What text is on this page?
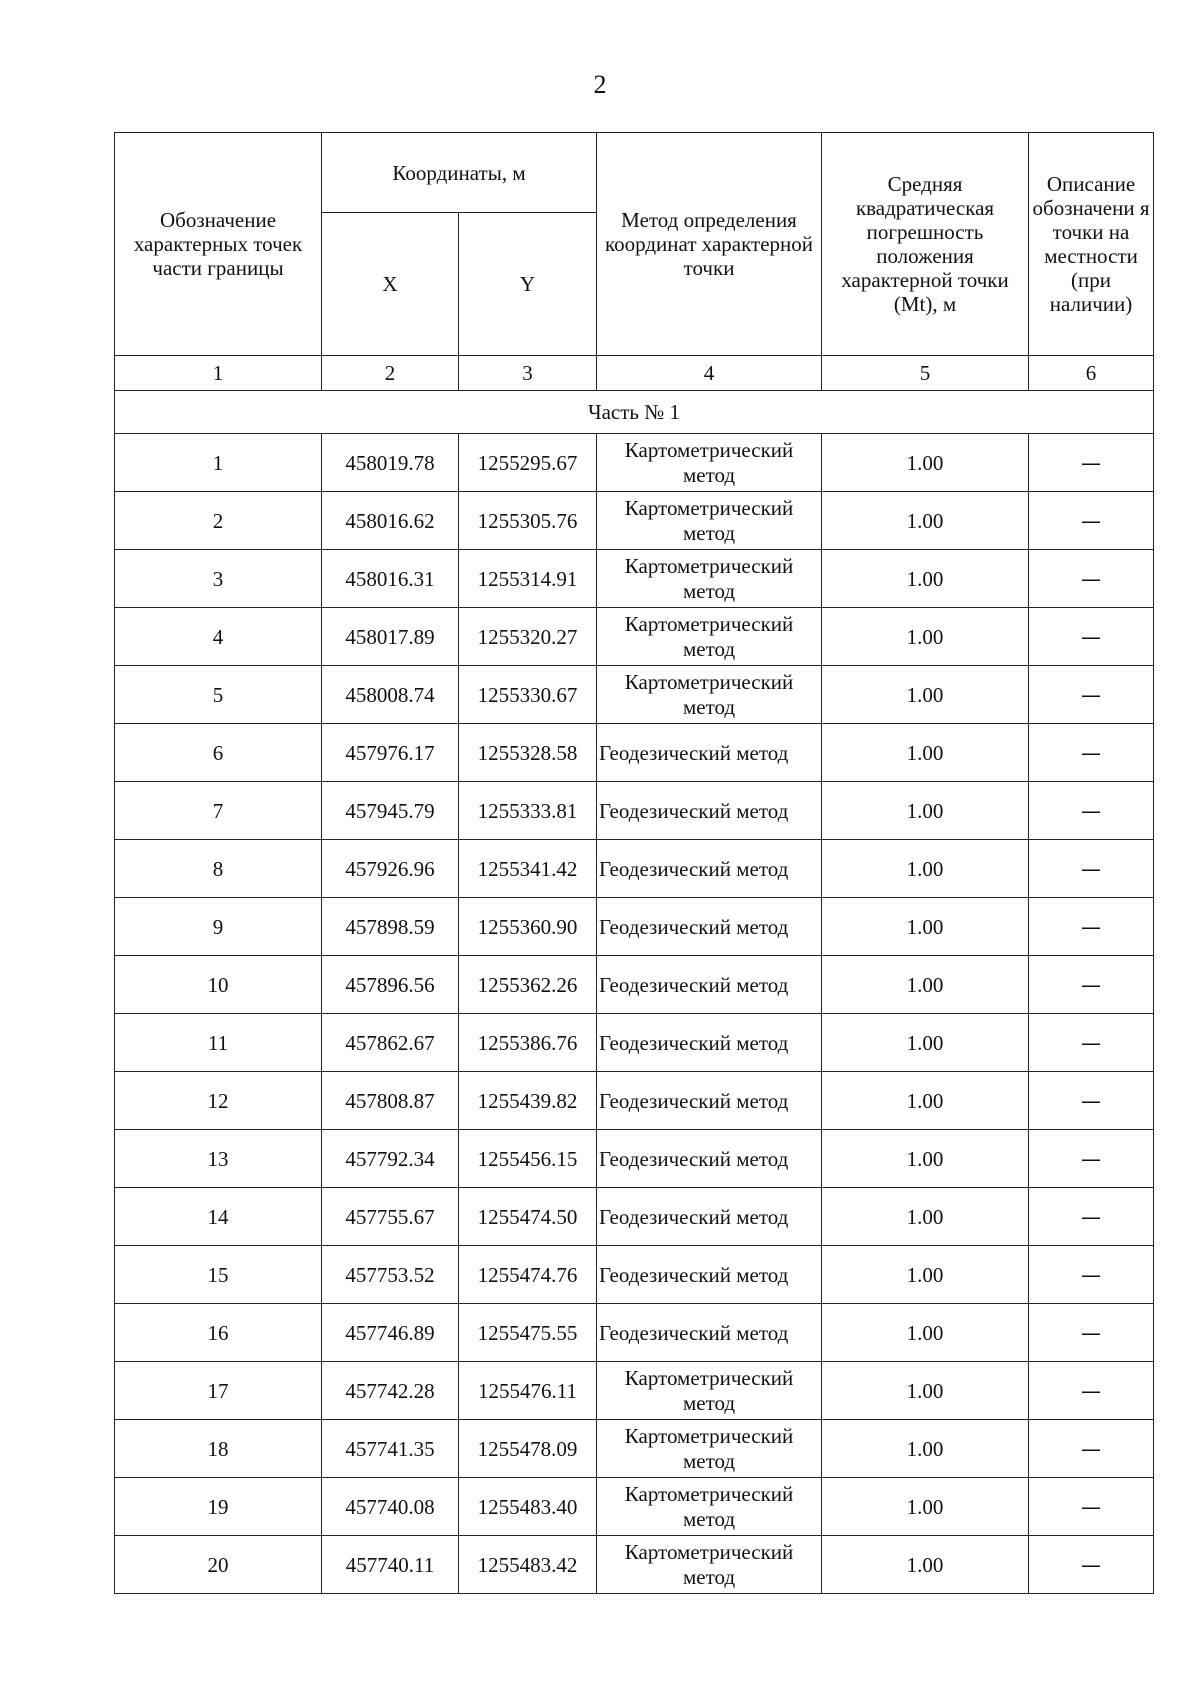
2
Обозначение характерных точек части границы	Координаты, м		Метод определения координат характерной точки	Средняя квадратическая погрешность положения характерной точки (Mt), м	Описание обозначени я точки на местности (при наличии)
	X	Y			
1	2	3	4	5	6
Часть № 1					
1	458019.78	1255295.67	Картометрический метод	1.00	—
2	458016.62	1255305.76	Картометрический метод	1.00	—
3	458016.31	1255314.91	Картометрический метод	1.00	—
4	458017.89	1255320.27	Картометрический метод	1.00	—
5	458008.74	1255330.67	Картометрический метод	1.00	—
6	457976.17	1255328.58	Геодезический метод	1.00	—
7	457945.79	1255333.81	Геодезический метод	1.00	—
8	457926.96	1255341.42	Геодезический метод	1.00	—
9	457898.59	1255360.90	Геодезический метод	1.00	—
10	457896.56	1255362.26	Геодезический метод	1.00	—
11	457862.67	1255386.76	Геодезический метод	1.00	—
12	457808.87	1255439.82	Геодезический метод	1.00	—
13	457792.34	1255456.15	Геодезический метод	1.00	—
14	457755.67	1255474.50	Геодезический метод	1.00	—
15	457753.52	1255474.76	Геодезический метод	1.00	—
16	457746.89	1255475.55	Геодезический метод	1.00	—
17	457742.28	1255476.11	Картометрический метод	1.00	—
18	457741.35	1255478.09	Картометрический метод	1.00	—
19	457740.08	1255483.40	Картометрический метод	1.00	—
20	457740.11	1255483.42	Картометрический метод	1.00	—
